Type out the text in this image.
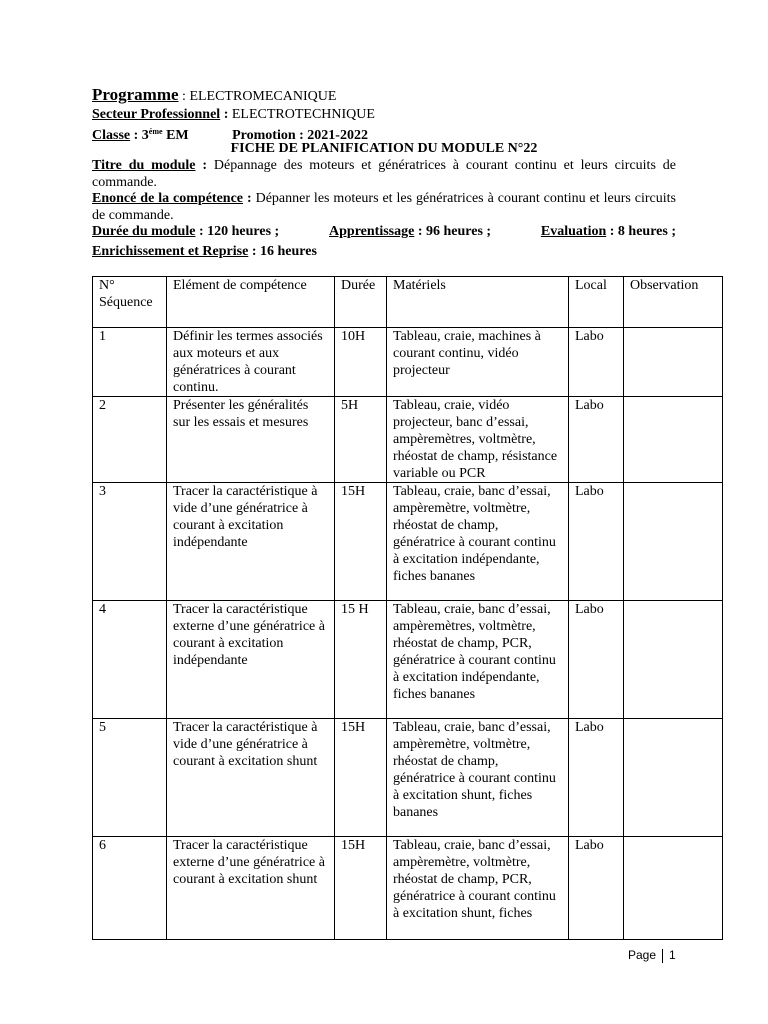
Programme : ELECTROMECANIQUE
Secteur Professionnel : ELECTROTECHNIQUE
Classe : $3^{éme}$ EM	Promotion : 2021-2022
FICHE DE PLANIFICATION DU MODULE N°22
Titre du module : Dépannage des moteurs et génératrices à courant continu et leurs circuits de commande.
Enoncé de la compétence : Dépanner les moteurs et les génératrices à courant continu et leurs circuits de commande.
Durée du module : 120 heures ;	Apprentissage : 96 heures ;	Evaluation : 8 heures ;
Enrichissement et Reprise : 16 heures
N° Séquence	Elément de compétence	Durée	Matériels	Local	Observation
1	Définir les termes associés aux moteurs et aux génératrices à courant continu.	10H	Tableau, craie, machines à courant continu, vidéo projecteur	Labo	
2	Présenter les généralités sur les essais et mesures	5H	Tableau, craie, vidéo projecteur, banc d’essai, ampèremètres, voltmètre, rhéostat de champ, résistance variable ou PCR	Labo	
3	Tracer la caractéristique à vide d’une génératrice à courant à excitation indépendante	15H	Tableau, craie, banc d’essai, ampèremètre, voltmètre, rhéostat de champ, génératrice à courant continu à excitation indépendante, fiches bananes	Labo	
4	Tracer la caractéristique externe d’une génératrice à courant à excitation indépendante	15 H	Tableau, craie, banc d’essai, ampèremètres, voltmètre, rhéostat de champ, PCR, génératrice à courant continu à excitation indépendante, fiches bananes	Labo	
5	Tracer la caractéristique à vide d’une génératrice à courant à excitation shunt	15H	Tableau, craie, banc d’essai, ampèremètre, voltmètre, rhéostat de champ, génératrice à courant continu à excitation shunt, fiches bananes	Labo	
6	Tracer la caractéristique externe d’une génératrice à courant à excitation shunt	15H	Tableau, craie, banc d’essai, ampèremètre, voltmètre, rhéostat de champ, PCR, génératrice à courant continu à excitation shunt, fiches	Labo	
Page 1
